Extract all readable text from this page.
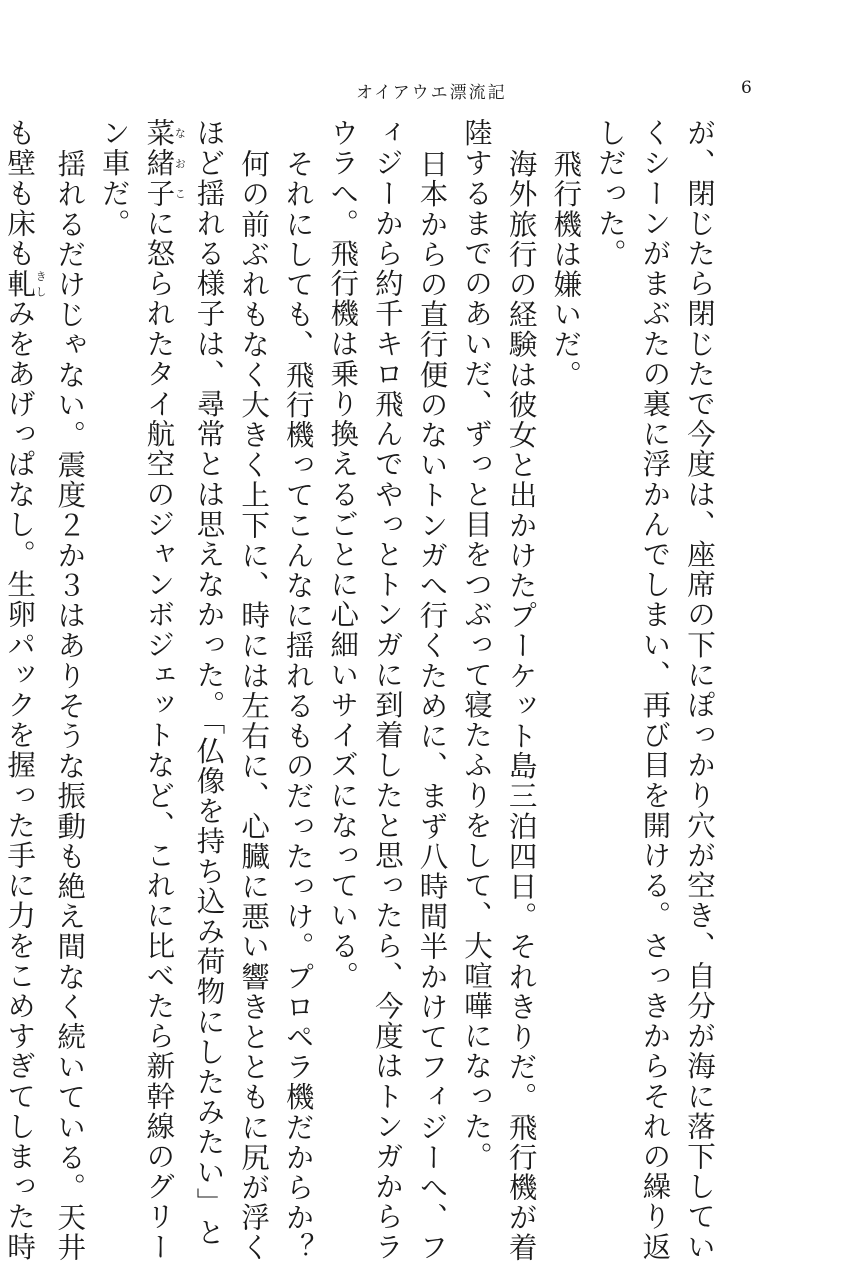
オイアウエ漂流記	6
が、閉じたら閉じたで今度は、座席の下にぽっかり穴が空き、自分が海に落下してい
くシーンがまぶたの裏に浮かんでしまい、再び目を開ける。さっきからそれの繰り返
しだった。
飛行機は嫌いだ。
海外旅行の経験は彼女と出かけたプーケット島三泊四日。それきりだ。飛行機が着
陸するまでのあいだ、ずっと目をつぶって寝たふりをして、大喧嘩になった。
日本からの直行便のないトンガへ行くために、まず八時間半かけてフィジーへ、フ
ィジーから約千キロ飛んでやっとトンガに到着したと思ったら、今度はトンガからラ
ウラへ。飛行機は乗り換えるごとに心細いサイズになっている。
それにしても、飛行機ってこんなに揺れるものだったっけ。プロペラ機だからか？
何の前ぶれもなく大きく上下に、時には左右に、心臓に悪い響きとともに尻が浮く
ほど揺れる様子は、尋常とは思えなかった。「仏像を持ち込み荷物にしたみたい」と
菜緒子なおこに怒られたタイ航空のジャンボジェットなど、これに比べたら新幹線のグリー
ン車だ。
揺れるだけじゃない。震度２か３はありそうな振動も絶え間なく続いている。天井
も壁も床も軋きしみをあげっぱなし。生卵パックを握った手に力をこめすぎてしまった時
